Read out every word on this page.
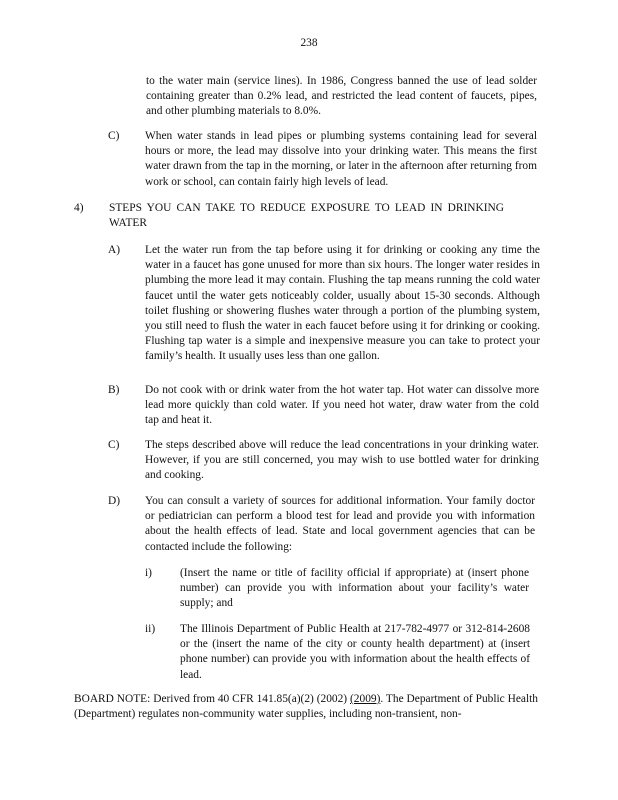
238

to the water main (service lines). In 1986, Congress banned the use of lead solder containing greater than 0.2% lead, and restricted the lead content of faucets, pipes, and other plumbing materials to 8.0%.

C) When water stands in lead pipes or plumbing systems containing lead for several hours or more, the lead may dissolve into your drinking water. This means the first water drawn from the tap in the morning, or later in the afternoon after returning from work or school, can contain fairly high levels of lead.

4) STEPS YOU CAN TAKE TO REDUCE EXPOSURE TO LEAD IN DRINKING WATER

A) Let the water run from the tap before using it for drinking or cooking any time the water in a faucet has gone unused for more than six hours. The longer water resides in plumbing the more lead it may contain. Flushing the tap means running the cold water faucet until the water gets noticeably colder, usually about 15-30 seconds. Although toilet flushing or showering flushes water through a portion of the plumbing system, you still need to flush the water in each faucet before using it for drinking or cooking. Flushing tap water is a simple and inexpensive measure you can take to protect your family’s health. It usually uses less than one gallon.

B) Do not cook with or drink water from the hot water tap. Hot water can dissolve more lead more quickly than cold water. If you need hot water, draw water from the cold tap and heat it.

C) The steps described above will reduce the lead concentrations in your drinking water. However, if you are still concerned, you may wish to use bottled water for drinking and cooking.

D) You can consult a variety of sources for additional information. Your family doctor or pediatrician can perform a blood test for lead and provide you with information about the health effects of lead. State and local government agencies that can be contacted include the following:

i) (Insert the name or title of facility official if appropriate) at (insert phone number) can provide you with information about your facility’s water supply; and

ii) The Illinois Department of Public Health at 217-782-4977 or 312-814-2608 or the (insert the name of the city or county health department) at (insert phone number) can provide you with information about the health effects of lead.

BOARD NOTE: Derived from 40 CFR 141.85(a)(2) (2002) (2009). The Department of Public Health (Department) regulates non-community water supplies, including non-transient, non-
